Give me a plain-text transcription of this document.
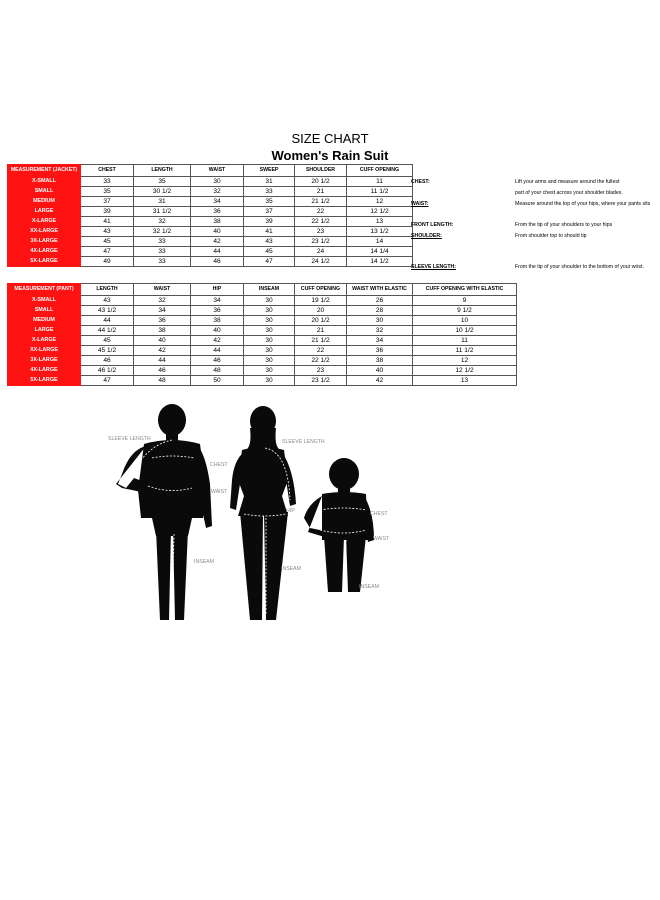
SIZE CHART
Women's Rain Suit
MEASUREMENT (JACKET)	CHEST	LENGTH	WAIST	SWEEP	SHOULDER	CUFF OPENING
X-SMALL	33	35	30	31	20 1/2	11
SMALL	35	30 1/2	32	33	21	11 1/2
MEDIUM	37	31	34	35	21 1/2	12
LARGE	39	31 1/2	36	37	22	12 1/2
X-LARGE	41	32	38	39	22 1/2	13
XX-LARGE	43	32 1/2	40	41	23	13 1/2
3X-LARGE	45	33	42	43	23 1/2	14
4X-LARGE	47	33	44	45	24	14 1/4
5X-LARGE	49	33	46	47	24 1/2	14 1/2
MEASUREMENT (PANT)	LENGTH	WAIST	HIP	INSEAM	CUFF OPENING	WAIST WITH ELASTIC	CUFF OPENING WITH ELASTIC
X-SMALL	43	32	34	30	19 1/2	26	9
SMALL	43 1/2	34	36	30	20	28	9 1/2
MEDIUM	44	36	38	30	20 1/2	30	10
LARGE	44 1/2	38	40	30	21	32	10 1/2
X-LARGE	45	40	42	30	21 1/2	34	11
XX-LARGE	45 1/2	42	44	30	22	36	11 1/2
3X-LARGE	46	44	46	30	22 1/2	38	12
4X-LARGE	46 1/2	46	48	30	23	40	12 1/2
5X-LARGE	47	48	50	30	23 1/2	42	13
CHEST:	Lift your arms and measure around the fullest
part of your chest across your shoulder blades.
WAIST:	Measure around the top of your hips, where your pants sits
FRONT LENGTH:	From the tip of your shoulders to your hips
SHOULDER:	From shoulder top to should tip
SLEEVE LENGTH:	From the tip of your shoulder to the bottom of your wrist.
SLEEVE LENGTH
CHEST
WAIST
INSEAM
SLEEVE LENGTH
HIP
INSEAM
CHEST
WAIST
INSEAM
